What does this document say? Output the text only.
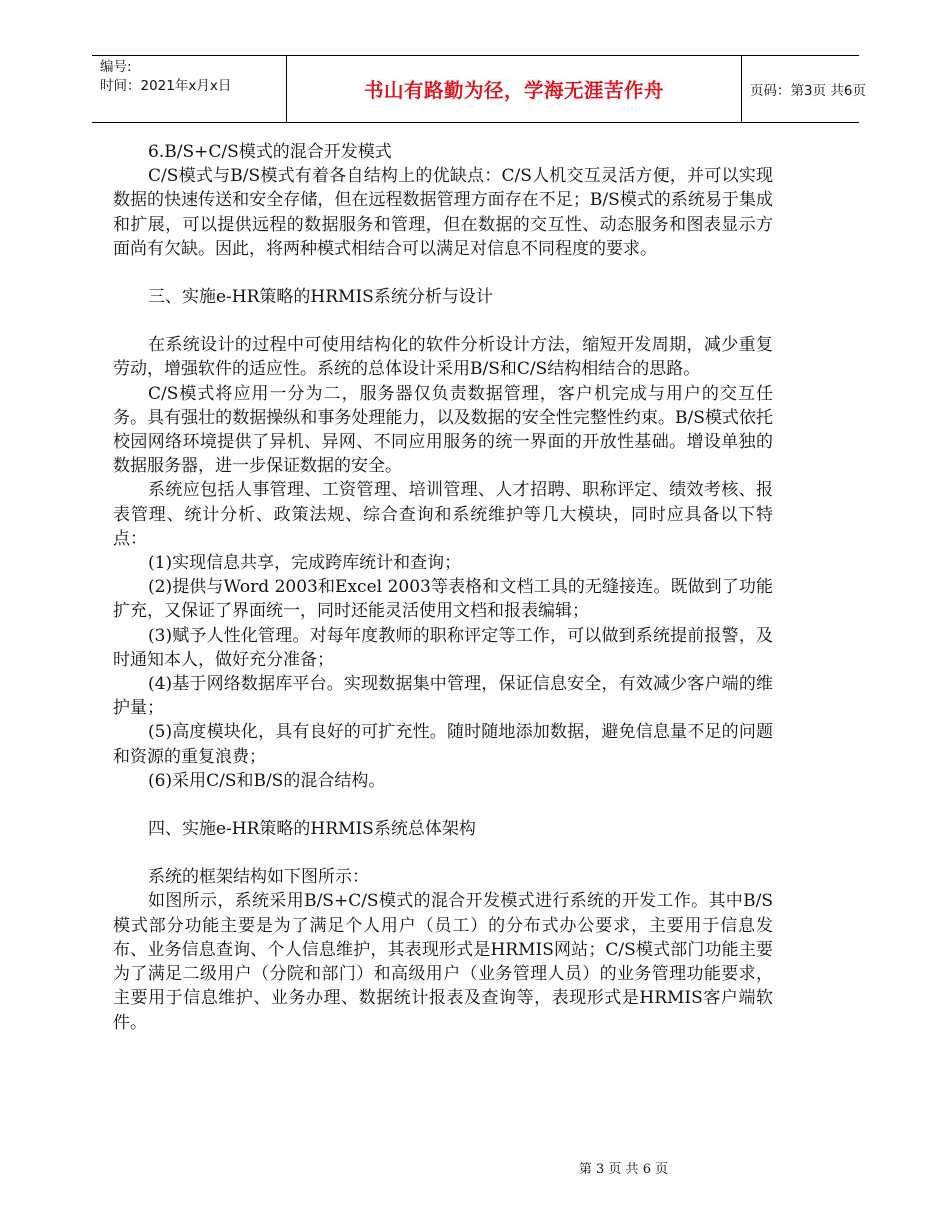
编号:
时间：2021年x月x日	书山有路勤为径，学海无涯苦作舟	页码：第3页 共6页

6.B/S+C/S模式的混合开发模式

C/S模式与B/S模式有着各自结构上的优缺点：C/S人机交互灵活方便，并可以实现数据的快速传送和安全存储，但在远程数据管理方面存在不足；B/S模式的系统易于集成和扩展，可以提供远程的数据服务和管理，但在数据的交互性、动态服务和图表显示方面尚有欠缺。因此，将两种模式相结合可以满足对信息不同程度的要求。

三、实施e-HR策略的HRMIS系统分析与设计

在系统设计的过程中可使用结构化的软件分析设计方法，缩短开发周期，减少重复劳动，增强软件的适应性。系统的总体设计采用B/S和C/S结构相结合的思路。

C/S模式将应用一分为二，服务器仅负责数据管理，客户机完成与用户的交互任务。具有强壮的数据操纵和事务处理能力，以及数据的安全性完整性约束。B/S模式依托校园网络环境提供了异机、异网、不同应用服务的统一界面的开放性基础。增设单独的数据服务器，进一步保证数据的安全。

系统应包括人事管理、工资管理、培训管理、人才招聘、职称评定、绩效考核、报表管理、统计分析、政策法规、综合查询和系统维护等几大模块，同时应具备以下特点：

(1)实现信息共享，完成跨库统计和查询；

(2)提供与Word 2003和Excel 2003等表格和文档工具的无缝接连。既做到了功能扩充，又保证了界面统一，同时还能灵活使用文档和报表编辑；

(3)赋予人性化管理。对每年度教师的职称评定等工作，可以做到系统提前报警，及时通知本人，做好充分准备；

(4)基于网络数据库平台。实现数据集中管理，保证信息安全，有效减少客户端的维护量；

(5)高度模块化，具有良好的可扩充性。随时随地添加数据，避免信息量不足的问题和资源的重复浪费；

(6)采用C/S和B/S的混合结构。

四、实施e-HR策略的HRMIS系统总体架构

系统的框架结构如下图所示：

如图所示，系统采用B/S+C/S模式的混合开发模式进行系统的开发工作。其中B/S模式部分功能主要是为了满足个人用户（员工）的分布式办公要求，主要用于信息发布、业务信息查询、个人信息维护，其表现形式是HRMIS网站；C/S模式部门功能主要为了满足二级用户（分院和部门）和高级用户（业务管理人员）的业务管理功能要求，主要用于信息维护、业务办理、数据统计报表及查询等，表现形式是HRMIS客户端软件。

第 3 页 共 6 页
